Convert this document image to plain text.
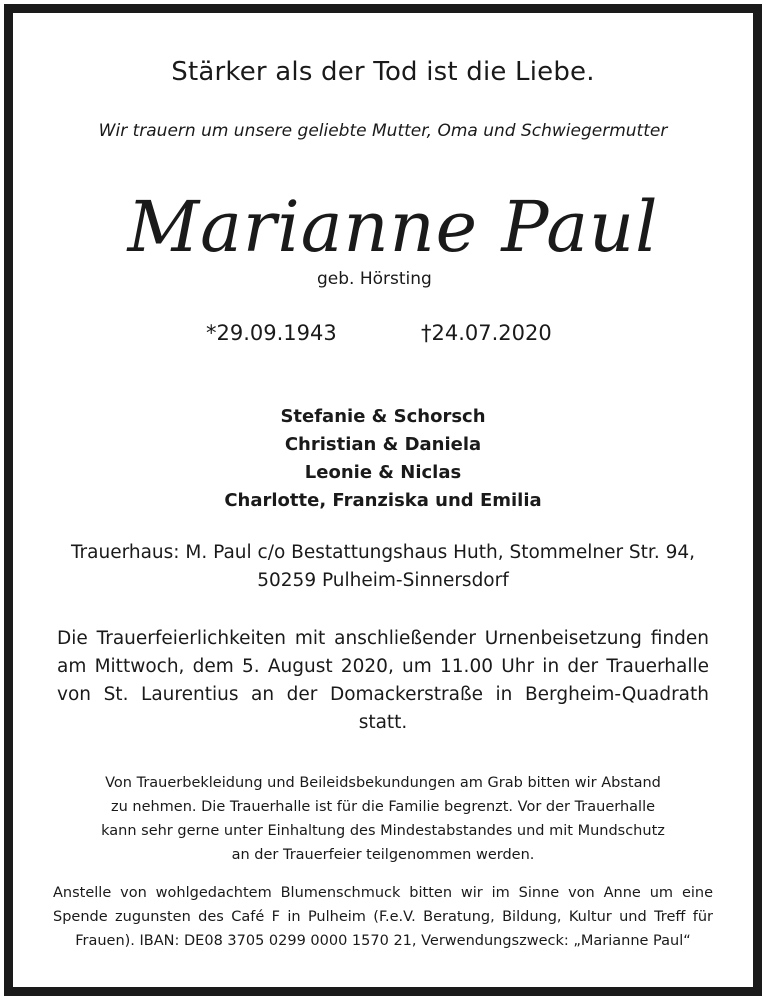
Stärker als der Tod ist die Liebe.
Wir trauern um unsere geliebte Mutter, Oma und Schwiegermutter
Marianne Paul
geb. Hörsting
*29.09.1943	†24.07.2020
Stefanie & Schorsch
Christian & Daniela
Leonie & Niclas
Charlotte, Franziska und Emilia
Trauerhaus: M. Paul c/o Bestattungshaus Huth, Stommelner Str. 94,
50259 Pulheim-Sinnersdorf
Die Trauerfeierlichkeiten mit anschließender Urnenbeisetzung finden am Mittwoch, dem 5. August 2020, um 11.00 Uhr in der Trauerhalle von St. Laurentius an der Domackerstraße in Bergheim-Quadrath statt.
Von Trauerbekleidung und Beileidsbekundungen am Grab bitten wir Abstand
zu nehmen. Die Trauerhalle ist für die Familie begrenzt. Vor der Trauerhalle
kann sehr gerne unter Einhaltung des Mindestabstandes und mit Mundschutz
an der Trauerfeier teilgenommen werden.
Anstelle von wohlgedachtem Blumenschmuck bitten wir im Sinne von Anne um eine Spende zugunsten des Café F in Pulheim (F.e.V. Beratung, Bildung, Kultur und Treff für Frauen). IBAN: DE08 3705 0299 0000 1570 21, Verwendungszweck: „Marianne Paul“
